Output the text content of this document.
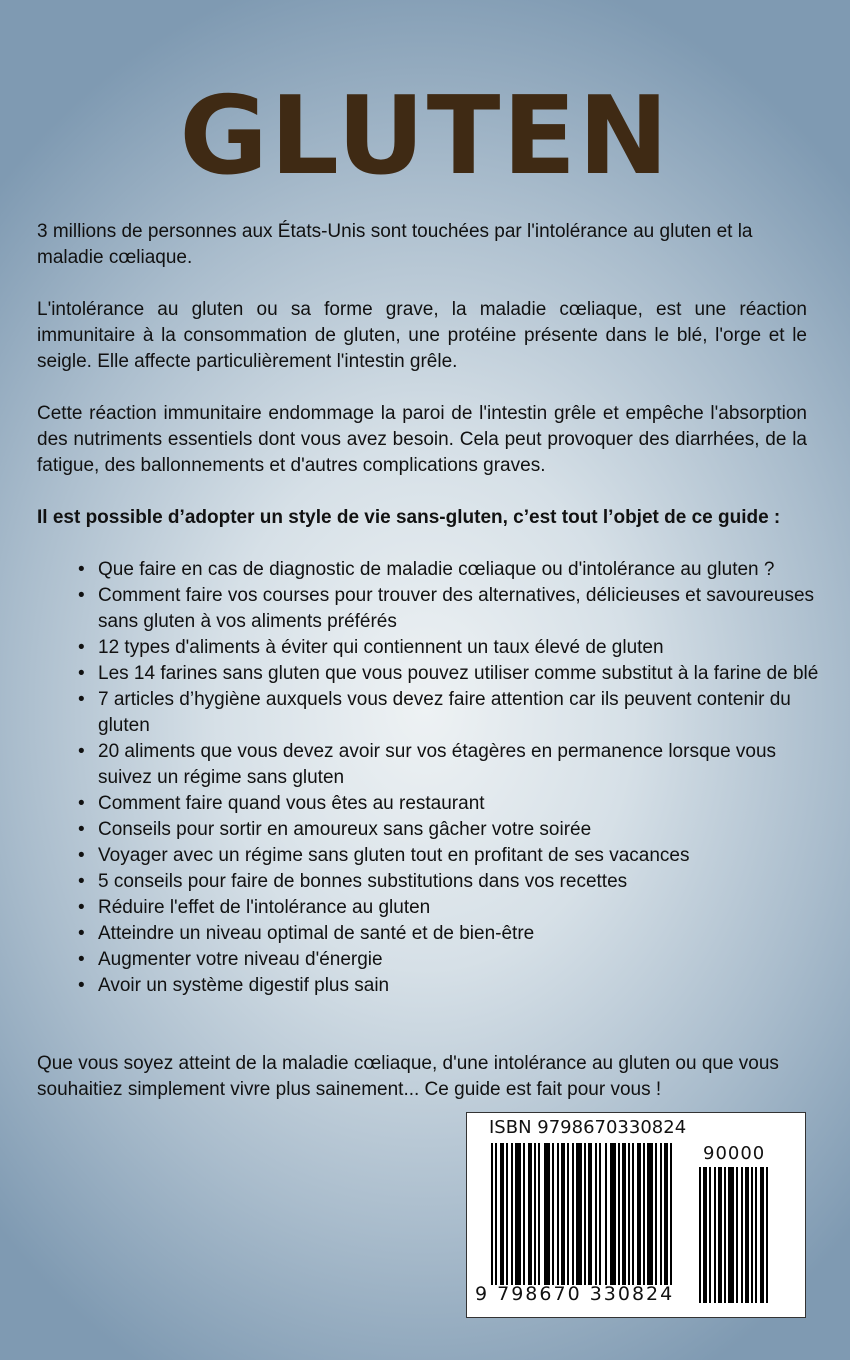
GLUTEN

3 millions de personnes aux États-Unis sont touchées par l'intolérance au gluten et la maladie cœliaque.

L'intolérance au gluten ou sa forme grave, la maladie cœliaque, est une réaction immunitaire à la consommation de gluten, une protéine présente dans le blé, l'orge et le seigle. Elle affecte particulièrement l'intestin grêle.

Cette réaction immunitaire endommage la paroi de l'intestin grêle et empêche l'absorption des nutriments essentiels dont vous avez besoin. Cela peut provoquer des diarrhées, de la fatigue, des ballonnements et d'autres complications graves.

Il est possible d’adopter un style de vie sans-gluten, c’est tout l’objet de ce guide :

• Que faire en cas de diagnostic de maladie cœliaque ou d'intolérance au gluten ?
• Comment faire vos courses pour trouver des alternatives, délicieuses et savoureuses sans gluten à vos aliments préférés
• 12 types d'aliments à éviter qui contiennent un taux élevé de gluten
• Les 14 farines sans gluten que vous pouvez utiliser comme substitut à la farine de blé
• 7 articles d’hygiène auxquels vous devez faire attention car ils peuvent contenir du gluten
• 20 aliments que vous devez avoir sur vos étagères en permanence lorsque vous suivez un régime sans gluten
• Comment faire quand vous êtes au restaurant
• Conseils pour sortir en amoureux sans gâcher votre soirée
• Voyager avec un régime sans gluten tout en profitant de ses vacances
• 5 conseils pour faire de bonnes substitutions dans vos recettes
• Réduire l'effet de l'intolérance au gluten
• Atteindre un niveau optimal de santé et de bien-être
• Augmenter votre niveau d'énergie
• Avoir un système digestif plus sain

Que vous soyez atteint de la maladie cœliaque, d'une intolérance au gluten ou que vous souhaitiez simplement vivre plus sainement... Ce guide est fait pour vous !

ISBN 9798670330824
90000
9 798670 330824
